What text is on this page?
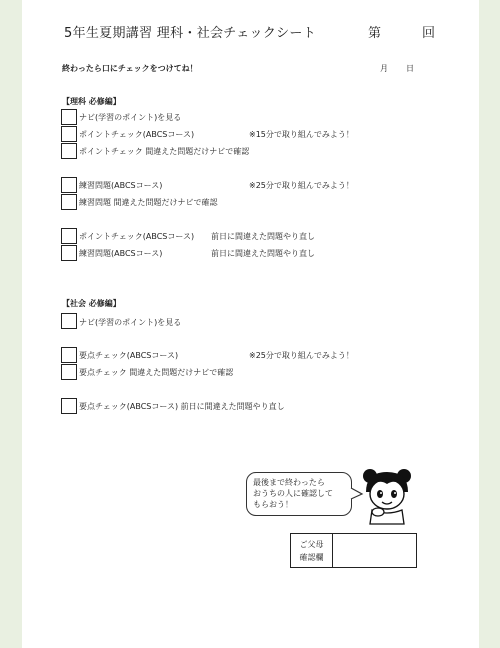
5年生夏期講習 理科・社会チェックシート	第	回
終わったら口にチェックをつけてね！	月 日
【理科 必修編】
ナビ(学習のポイント)を見る
ポイントチェック(ABCSコース)	※15分で取り組んでみよう！
ポイントチェック 間違えた問題だけナビで確認
練習問題(ABCSコース)	※25分で取り組んでみよう！
練習問題 間違えた問題だけナビで確認
ポイントチェック(ABCSコース) 前日に間違えた問題やり直し
練習問題(ABCSコース)	前日に間違えた問題やり直し
【社会 必修編】
ナビ(学習のポイント)を見る
要点チェック(ABCSコース)	※25分で取り組んでみよう！
要点チェック 間違えた問題だけナビで確認
要点チェック(ABCSコース) 前日に間違えた問題やり直し
最後まで終わったら
おうちの人に確認して
もらおう！
ご父母
確認欄
